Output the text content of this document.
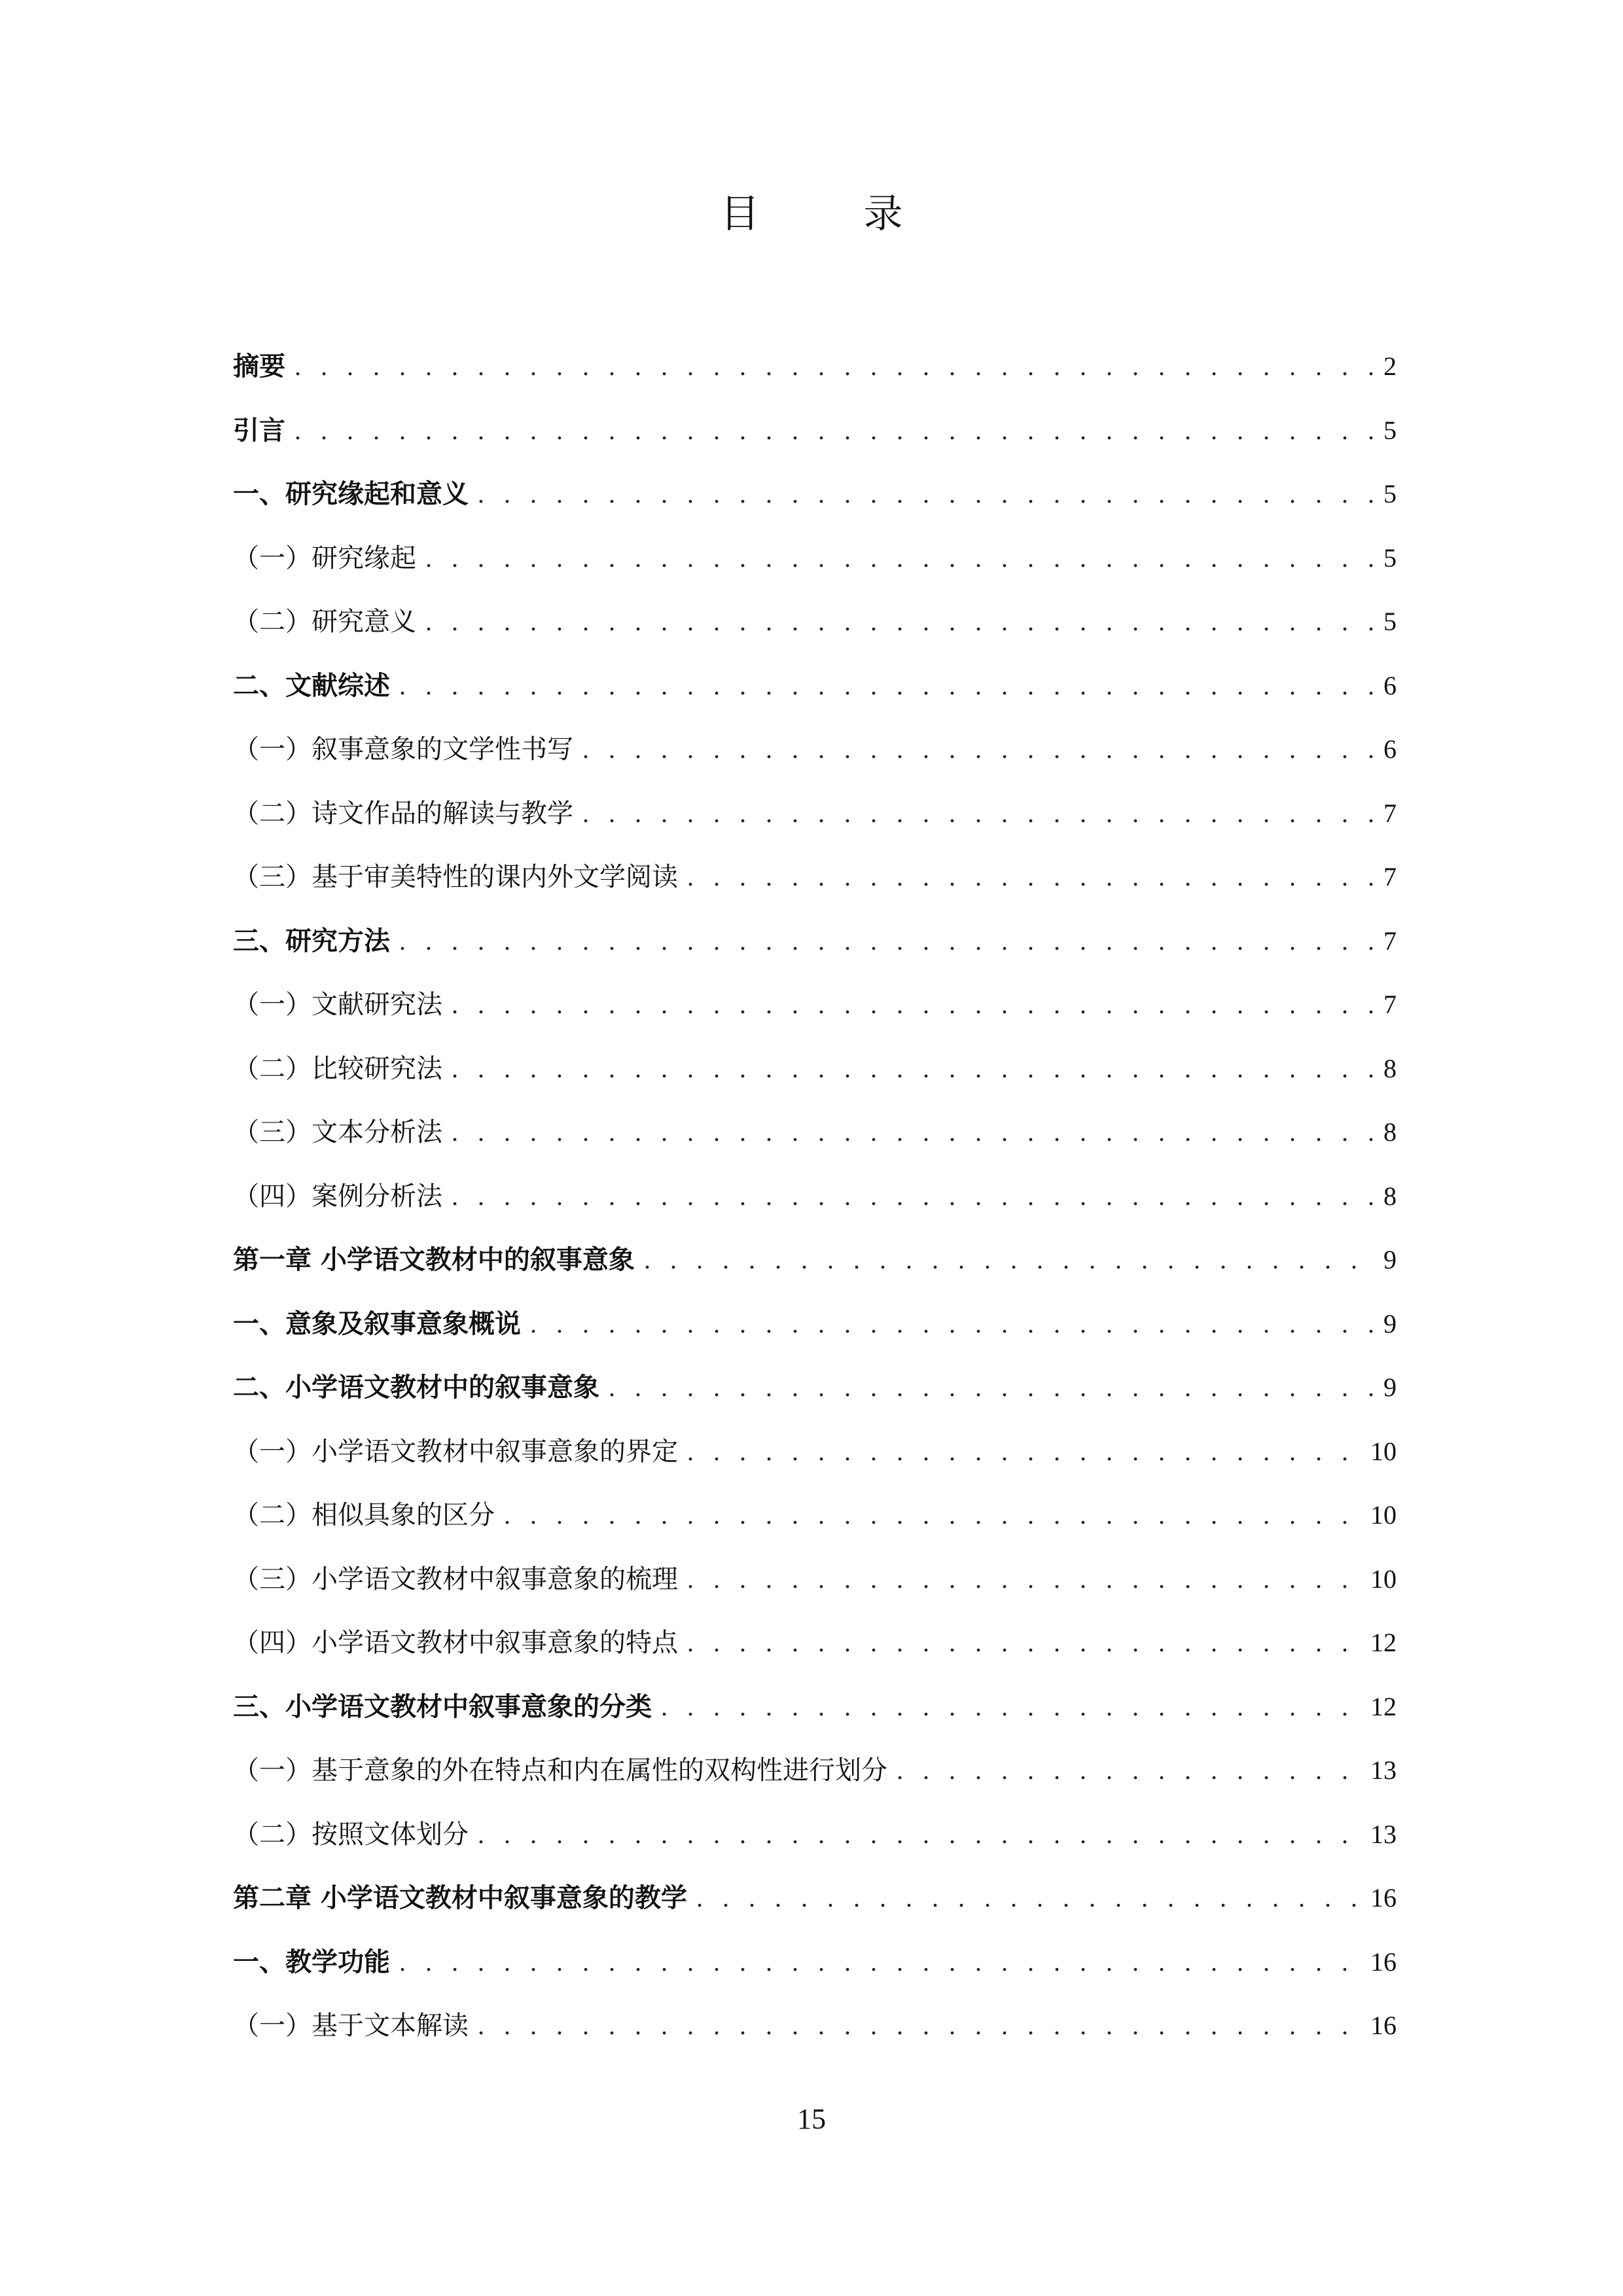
目 录
摘要 . . .	2
引言 . . .	5
一、研究缘起和意义 . . .	5
（一）研究缘起 . . .	5
（二）研究意义 . . .	5
二、文献综述 . . .	6
（一）叙事意象的文学性书写 . . .	6
（二）诗文作品的解读与教学 . . .	7
（三）基于审美特性的课内外文学阅读 . . .	7
三、研究方法 . . .	7
（一）文献研究法 . . .	7
（二）比较研究法 . . .	8
（三）文本分析法 . . .	8
（四）案例分析法 . . .	8
第一章 小学语文教材中的叙事意象 . . .	9
一、意象及叙事意象概说 . . .	9
二、小学语文教材中的叙事意象 . . .	9
（一）小学语文教材中叙事意象的界定 . . .	10
（二）相似具象的区分 . . .	10
（三）小学语文教材中叙事意象的梳理 . . .	10
（四）小学语文教材中叙事意象的特点 . . .	12
三、小学语文教材中叙事意象的分类 . . .	12
（一）基于意象的外在特点和内在属性的双构性进行划分 . . .	13
（二）按照文体划分 . . .	13
第二章 小学语文教材中叙事意象的教学 . . .	16
一、教学功能 . . .	16
（一）基于文本解读 . . .	16
15
